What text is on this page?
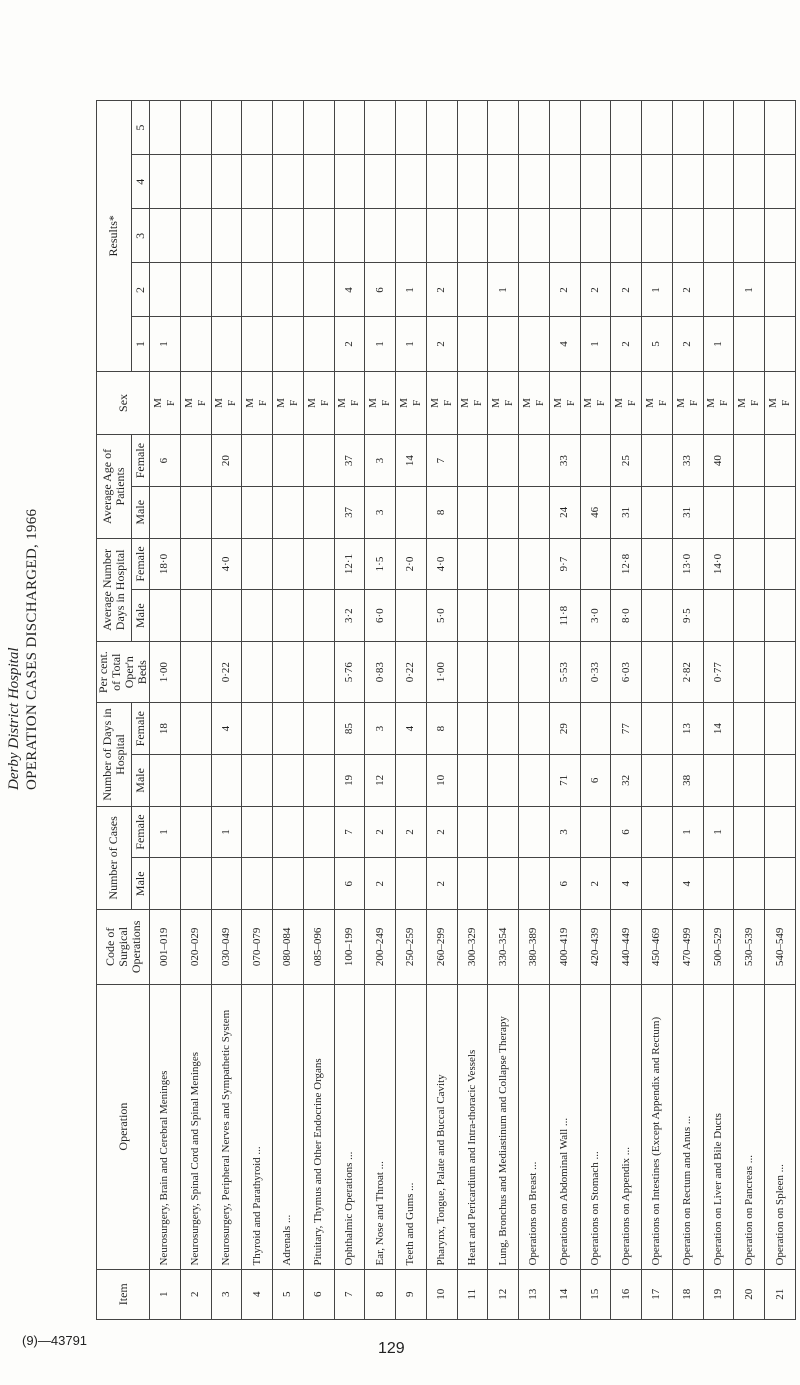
Derby District Hospital OPERATION CASES DISCHARGED, 1966
Item	Operation	Code of Surgical Operations	Number of Cases		Number of Days in Hospital		Per cent. of Total Oper'n Beds	Average Number Days in Hospital		Average Age of Patients		Sex	Results*				
			Male	Female	Male	Female		Male	Female	Male	Female		1	2	3	4	5
1	Neurosurgery, Brain and Cerebral Meninges	001–019		1		18	1·00		18·0		6	M F	1				
2	Neurosurgery, Spinal Cord and Spinal Meninges	020–029										M F					

3	Neurosurgery, Peripheral Nerves and Sympathetic System	030–049		1		4	0·22		4·0		20	M F					

4	Thyroid and Parathyroid ...	070–079										M F					

5	Adrenals ...	080–084										M F					

6	Pituitary, Thymus and Other Endocrine Organs	085–096										M F					

7	Ophthalmic Operations ...	100–199	6	7	19	85	5·76	3·2	12·1	37	37	M F	2	4			
8	Ear, Nose and Throat ...	200–249	2	2	12	3	0·83	6·0	1·5	3	3	M F	1	6			
9	Teeth and Gums ...	250–259		2		4	0·22		2·0		14	M F	1	1			
10	Pharynx, Tongue, Palate and Buccal Cavity	260–299	2	2	10	8	1·00	5·0	4·0	8	7	M F	2	2			
11	Heart and Pericardium and Intra-thoracic Vessels	300–329										M F					

12	Lung, Bronchus and Mediastinum and Collapse Therapy	330–354										M F		1			
13	Operations on Breast ...	380–389										M F					

14	Operations on Abdominal Wall ...	400–419	6	3	71	29	5·53	11·8	9·7	24	33	M F	4	2			
15	Operations on Stomach ...	420–439	2		6		0·33	3·0		46		M F	1	2			
16	Operations on Appendix ...	440–449	4	6	32	77	6·03	8·0	12·8	31	25	M F	2	2			
17	Operations on Intestines (Except Appendix and Rectum)	450–469										M F	5	1			
18	Operation on Rectum and Anus ...	470–499	4	1	38	13	2·82	9·5	13·0	31	33	M F	2	2			
19	Operation on Liver and Bile Ducts	500–529		1		14	0·77		14·0		40	M F	1				
20	Operation on Pancreas ...	530–539										M F		1			
21	Operation on Spleen ...	540–549										M F					

(9)—43791	129
